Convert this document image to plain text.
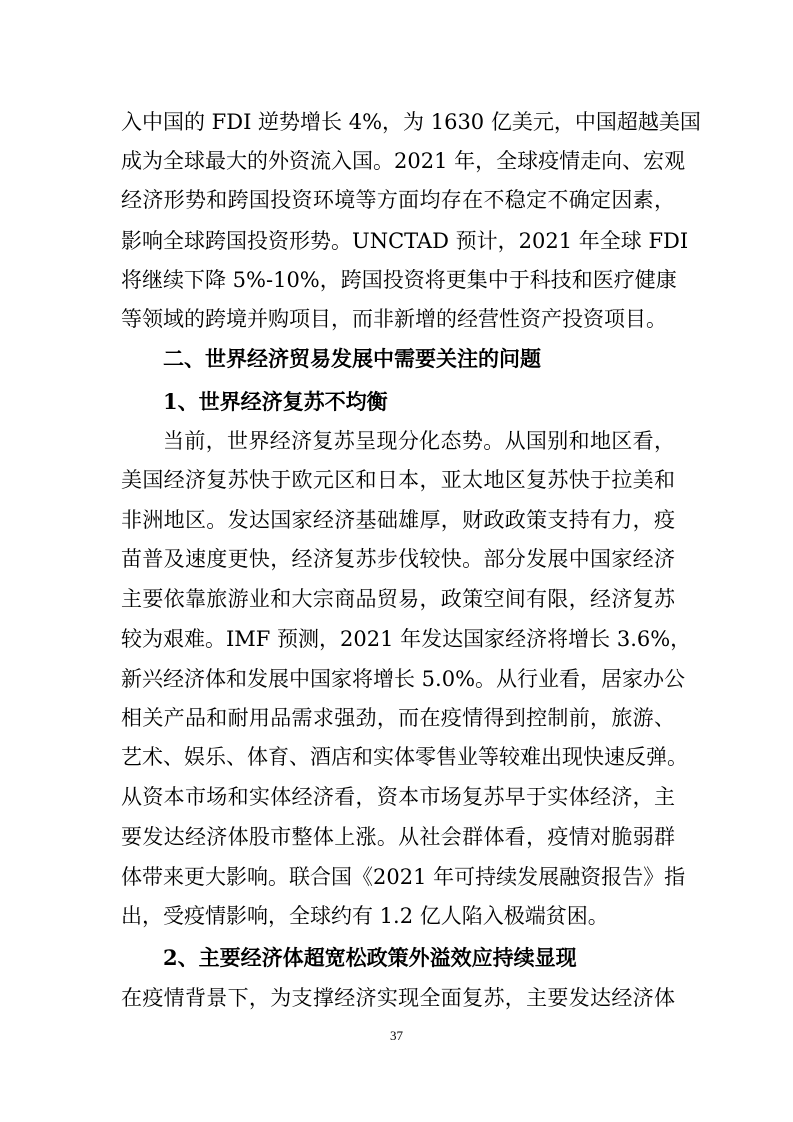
入中国的 FDI 逆势增长 4%，为 1630 亿美元，中国超越美国
成为全球最大的外资流入国。2021 年，全球疫情走向、宏观
经济形势和跨国投资环境等方面均存在不稳定不确定因素，
影响全球跨国投资形势。UNCTAD 预计，2021 年全球 FDI
将继续下降 5%-10%，跨国投资将更集中于科技和医疗健康
等领域的跨境并购项目，而非新增的经营性资产投资项目。
二、世界经济贸易发展中需要关注的问题
1、世界经济复苏不均衡
当前，世界经济复苏呈现分化态势。从国别和地区看，
美国经济复苏快于欧元区和日本，亚太地区复苏快于拉美和
非洲地区。发达国家经济基础雄厚，财政政策支持有力，疫
苗普及速度更快，经济复苏步伐较快。部分发展中国家经济
主要依靠旅游业和大宗商品贸易，政策空间有限，经济复苏
较为艰难。IMF 预测，2021 年发达国家经济将增长 3.6%，
新兴经济体和发展中国家将增长 5.0%。从行业看，居家办公
相关产品和耐用品需求强劲，而在疫情得到控制前，旅游、
艺术、娱乐、体育、酒店和实体零售业等较难出现快速反弹。
从资本市场和实体经济看，资本市场复苏早于实体经济，主
要发达经济体股市整体上涨。从社会群体看，疫情对脆弱群
体带来更大影响。联合国《2021 年可持续发展融资报告》指
出，受疫情影响，全球约有 1.2 亿人陷入极端贫困。
2、主要经济体超宽松政策外溢效应持续显现
在疫情背景下，为支撑经济实现全面复苏，主要发达经济体
37
